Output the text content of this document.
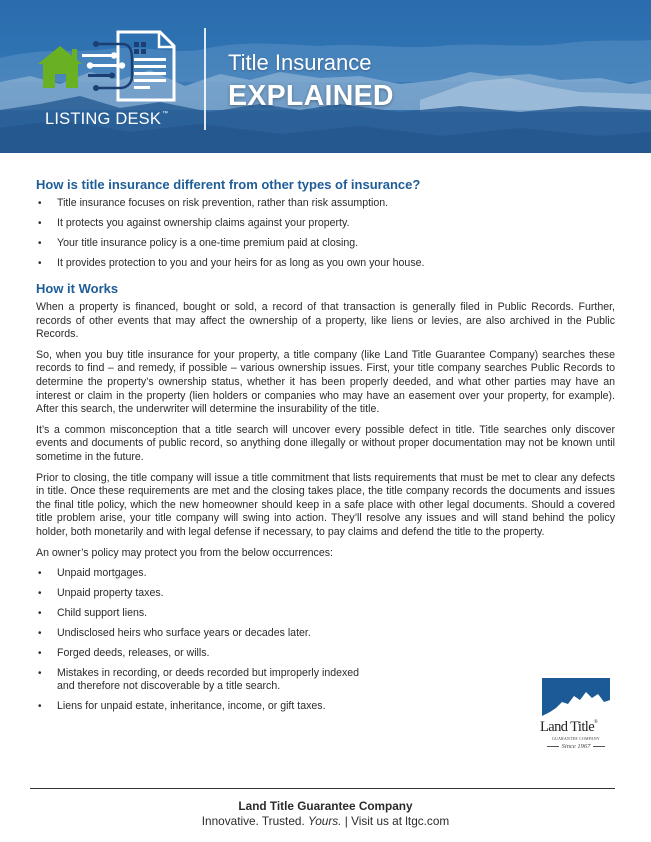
LISTING DESK™
Title Insurance
EXPLAINED
How is title insurance different from other types of insurance?
• Title insurance focuses on risk prevention, rather than risk assumption.
• It protects you against ownership claims against your property.
• Your title insurance policy is a one-time premium paid at closing.
• It provides protection to you and your heirs for as long as you own your house.
How it Works

When a property is financed, bought or sold, a record of that transaction is generally filed in Public Records. Further, records of other events that may affect the ownership of a property, like liens or levies, are also archived in the Public Records.

So, when you buy title insurance for your property, a title company (like Land Title Guarantee Company) searches these records to find – and remedy, if possible – various ownership issues. First, your title company searches Public Records to determine the property’s ownership status, whether it has been properly deeded, and what other parties may have an interest or claim in the property (lien holders or companies who may have an easement over your property, for example). After this search, the underwriter will determine the insurability of the title.

It’s a common misconception that a title search will uncover every possible defect in title. Title searches only discover events and documents of public record, so anything done illegally or without proper documentation may not be known until sometime in the future.

Prior to closing, the title company will issue a title commitment that lists requirements that must be met to clear any defects in title. Once these requirements are met and the closing takes place, the title company records the documents and issues the final title policy, which the new homeowner should keep in a safe place with other legal documents. Should a covered title problem arise, your title company will swing into action. They’ll resolve any issues and will stand behind the policy holder, both monetarily and with legal defense if necessary, to pay claims and defend the title to the property.

An owner’s policy may protect you from the below occurrences:

• Unpaid mortgages.
• Unpaid property taxes.
• Child support liens.
• Undisclosed heirs who surface years or decades later.
• Forged deeds, releases, or wills.
• Mistakes in recording, or deeds recorded but improperly indexed and therefore not discoverable by a title search.
• Liens for unpaid estate, inheritance, income, or gift taxes.
Land Title®
GUARANTEE COMPANY
Since 1967
Land Title Guarantee Company
Innovative. Trusted. Yours. | Visit us at ltgc.com
